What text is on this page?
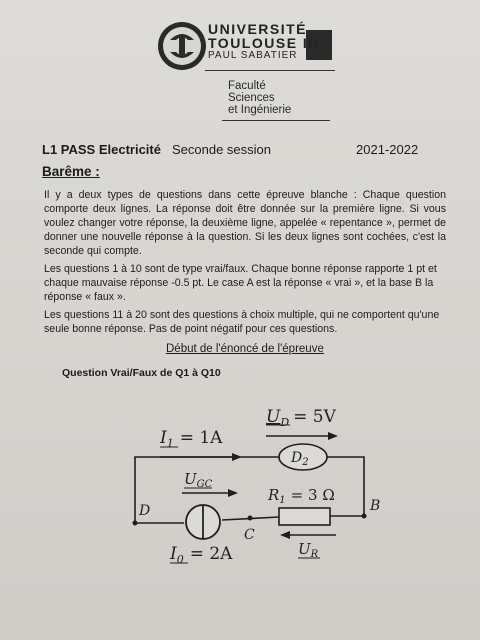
UNIVERSITÉ
TOULOUSE III
PAUL SABATIER
Faculté
Sciences
et Ingénierie
L1 PASS Electricité Seconde session	2021-2022
Barême :
Il y a deux types de questions dans cette épreuve blanche : Chaque question comporte deux lignes. La réponse doit être donnée sur la première ligne. Si vous voulez changer votre réponse, la deuxième ligne, appelée « repentance », permet de donner une nouvelle réponse à la question. Si les deux lignes sont cochées, c'est la seconde qui compte.
Les questions 1 à 10 sont de type vrai/faux. Chaque bonne réponse rapporte 1 pt et chaque mauvaise réponse -0.5 pt. Le case A est la réponse « vrai », et la base B la réponse « faux ».
Les questions 11 à 20 sont des questions à choix multiple, qui ne comportent qu'une seule bonne réponse. Pas de point négatif pour ces questions.
Début de l'énoncé de l'épreuve
Question Vrai/Faux de Q1 à Q10
$U_D = 5V$
$I_1 = 1A$
$D_2$
$U_{GC}$
$R_1 = 3$ Ω
D
C
B
$I_0 = 2A$	$U_R$
